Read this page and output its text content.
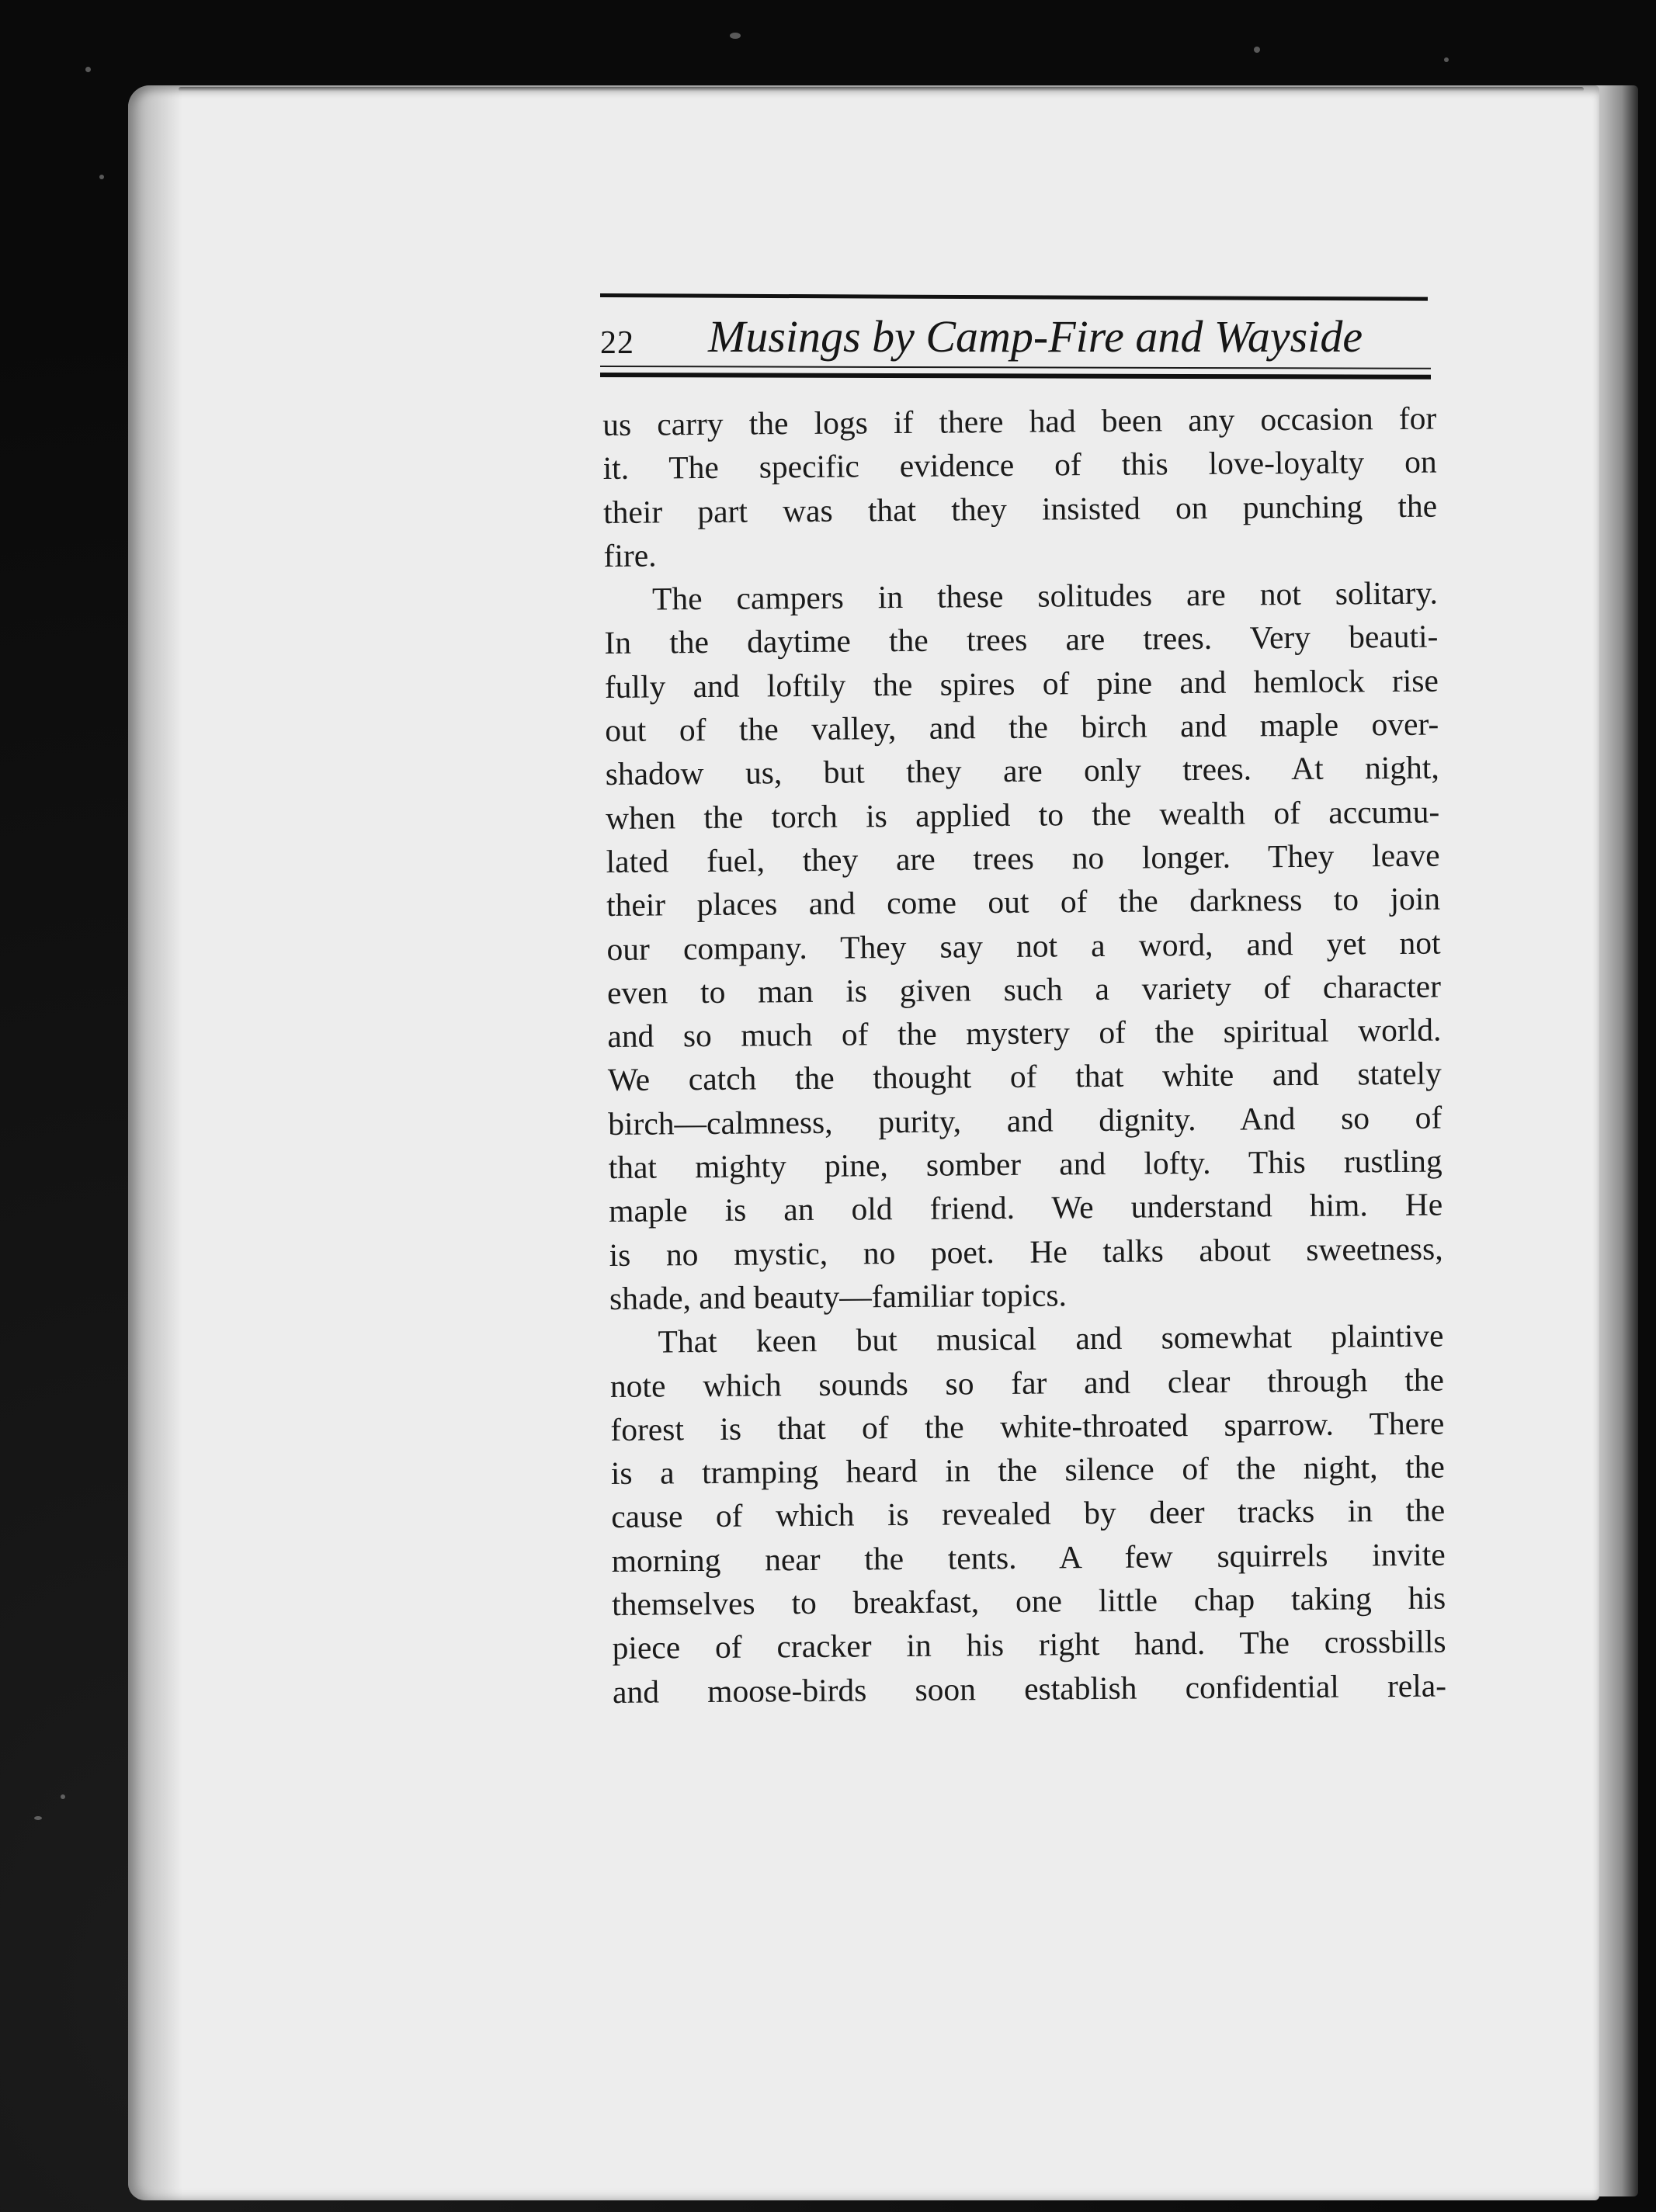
22 Musings by Camp-Fire and Wayside
us carry the logs if there had been any occasion for
it. The specific evidence of this love-loyalty on
their part was that they insisted on punching the
fire.
The campers in these solitudes are not solitary.
In the daytime the trees are trees. Very beauti-
fully and loftily the spires of pine and hemlock rise
out of the valley, and the birch and maple over-
shadow us, but they are only trees. At night,
when the torch is applied to the wealth of accumu-
lated fuel, they are trees no longer. They leave
their places and come out of the darkness to join
our company. They say not a word, and yet not
even to man is given such a variety of character
and so much of the mystery of the spiritual world.
We catch the thought of that white and stately
birch—calmness, purity, and dignity. And so of
that mighty pine, somber and lofty. This rustling
maple is an old friend. We understand him. He
is no mystic, no poet. He talks about sweetness,
shade, and beauty—familiar topics.
That keen but musical and somewhat plaintive
note which sounds so far and clear through the
forest is that of the white-throated sparrow. There
is a tramping heard in the silence of the night, the
cause of which is revealed by deer tracks in the
morning near the tents. A few squirrels invite
themselves to breakfast, one little chap taking his
piece of cracker in his right hand. The crossbills
and moose-birds soon establish confidential rela-
